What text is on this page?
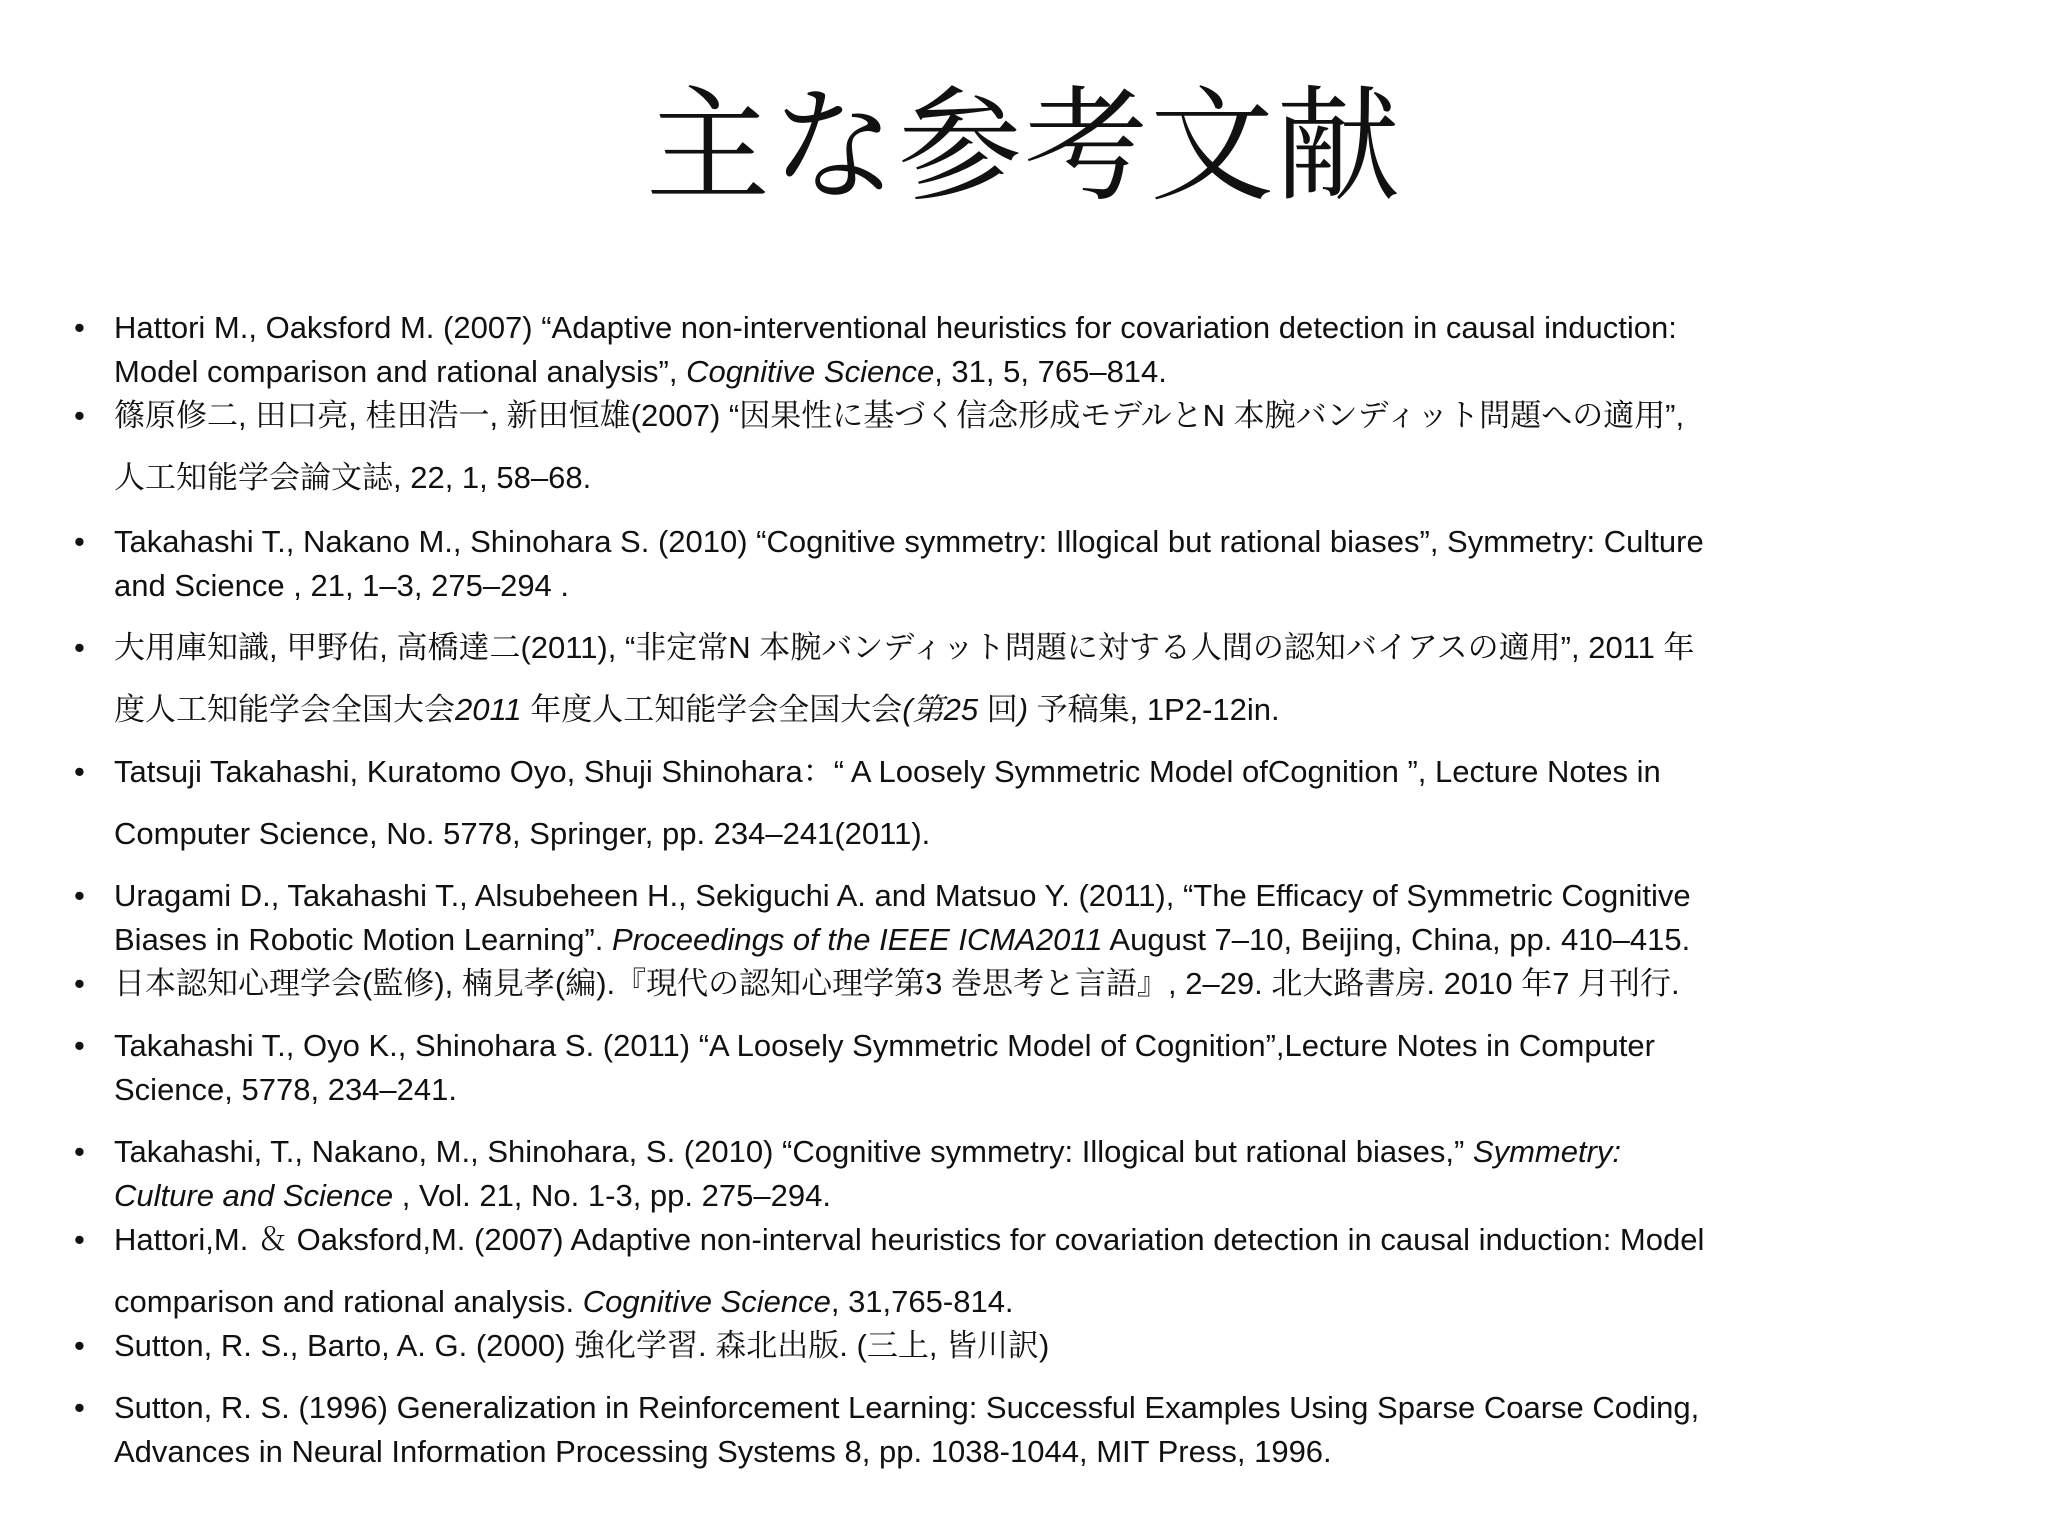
主な参考文献
• Hattori M., Oaksford M. (2007) “Adaptive non-interventional heuristics for covariation detection in causal induction:
Model comparison and rational analysis”, Cognitive Science, 31, 5, 765–814.
• 篠原修二, 田口亮, 桂田浩一, 新田恒雄(2007) “因果性に基づく信念形成モデルとN 本腕バンディット問題への適用”,
人工知能学会論文誌, 22, 1, 58–68.
• Takahashi T., Nakano M., Shinohara S. (2010) “Cognitive symmetry: Illogical but rational biases”, Symmetry: Culture
and Science , 21, 1–3, 275–294 .
• 大用庫知識, 甲野佑, 高橋達二(2011), “非定常N 本腕バンディット問題に対する人間の認知バイアスの適用”, 2011 年
度人工知能学会全国大会2011 年度人工知能学会全国大会(第25 回) 予稿集, 1P2-12in.
• Tatsuji Takahashi, Kuratomo Oyo, Shuji Shinohara：“ A Loosely Symmetric Model ofCognition ”, Lecture Notes in
Computer Science, No. 5778, Springer, pp. 234–241(2011).
• Uragami D., Takahashi T., Alsubeheen H., Sekiguchi A. and Matsuo Y. (2011), “The Efficacy of Symmetric Cognitive
Biases in Robotic Motion Learning”. Proceedings of the IEEE ICMA2011 August 7–10, Beijing, China, pp. 410–415.
• 日本認知心理学会(監修), 楠見孝(編).『現代の認知心理学第3 巻思考と言語』, 2–29. 北大路書房. 2010 年7 月刊行.
• Takahashi T., Oyo K., Shinohara S. (2011) “A Loosely Symmetric Model of Cognition”,Lecture Notes in Computer
Science, 5778, 234–241.
• Takahashi, T., Nakano, M., Shinohara, S. (2010) “Cognitive symmetry: Illogical but rational biases,” Symmetry:
Culture and Science , Vol. 21, No. 1-3, pp. 275–294.
• Hattori,M. ＆ Oaksford,M. (2007) Adaptive non-interval heuristics for covariation detection in causal induction: Model
comparison and rational analysis. Cognitive Science, 31,765-814.
• Sutton, R. S., Barto, A. G. (2000) 強化学習. 森北出版. (三上, 皆川訳)
• Sutton, R. S. (1996) Generalization in Reinforcement Learning: Successful Examples Using Sparse Coarse Coding,
Advances in Neural Information Processing Systems 8, pp. 1038-1044, MIT Press, 1996.
